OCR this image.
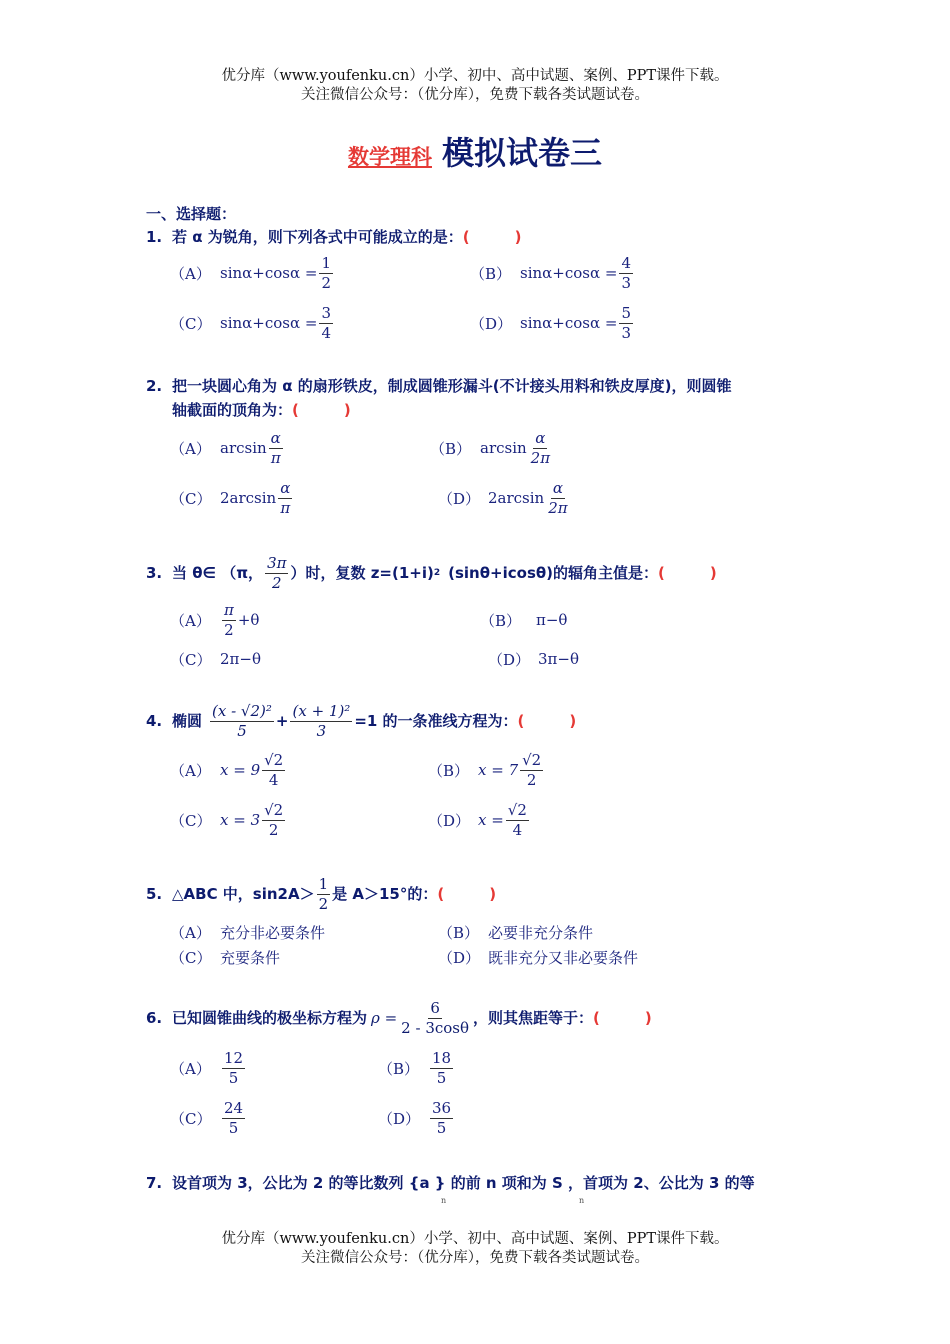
优分库（www.youfenku.cn）小学、初中、高中试题、案例、PPT课件下载。
关注微信公众号：（优分库），免费下载各类试题试卷。
数学理科 模拟试卷三
一、选择题：
1. 若 α 为锐角，则下列各式中可能成立的是：(　　　)
（A） $\sin\alpha+\cos\alpha = \frac{1}{2}$	（B） $\sin\alpha+\cos\alpha = \frac{4}{3}$
（C） $\sin\alpha+\cos\alpha = \frac{3}{4}$	（D） $\sin\alpha+\cos\alpha = \frac{5}{3}$
2. 把一块圆心角为 α 的扇形铁皮，制成圆锥形漏斗(不计接头用料和铁皮厚度)，则圆锥
轴截面的顶角为：(　　　)
（A） $\arcsin \frac{\alpha}{\pi}$	（B） $\arcsin \frac{\alpha}{2\pi}$
（C） $2\arcsin \frac{\alpha}{\pi}$	（D） $2\arcsin \frac{\alpha}{2\pi}$
3. 当 θ∈ （π， $\frac{3\pi}{2}$ ）时，复数 z=(1+i) 2 (sinθ+icosθ)的辐角主值是： (　　　)
$(A) \frac{\pi}{2} +\theta$	（B） π−θ
（C） 2π−θ	（D） 3π−θ
4. 椭圆 $\frac{\text{(x - √2)²}}{5} + \frac{\text{(x + 1)²}}{3} =1$ 的一条准线方程为： (　　　)
（A） $x = 9 \frac{√2}{4}$	（B） $x = 7 \frac{√2}{2}$
（C） $x = 3 \frac{√2}{2}$	（D） $x = \frac{√2}{4}$
5. △ABC 中，$\sin 2A> \frac{1}{2}$ 是 A＞15°的： (　　　)
（A） 充分非必要条件	（B） 必要非充分条件
（C） 充要条件	（D） 既非充分又非必要条件
6. 已知圆锥曲线的极坐标方程为 $\rho = \frac{6}{2 - 3\cos\theta}$ ，则其焦距等于： (　　　)
$(A) \frac{12}{5}$	$(B) \frac{18}{5}$
$(C) \frac{24}{5}$	$(D) \frac{36}{5}$
7. 设首项为 3，公比为 2 的等比数列 {a } 的前 n 项和为 S ，首项为 2、公比为 3 的等
n	n
优分库（www.youfenku.cn）小学、初中、高中试题、案例、PPT课件下载。
关注微信公众号：（优分库），免费下载各类试题试卷。
